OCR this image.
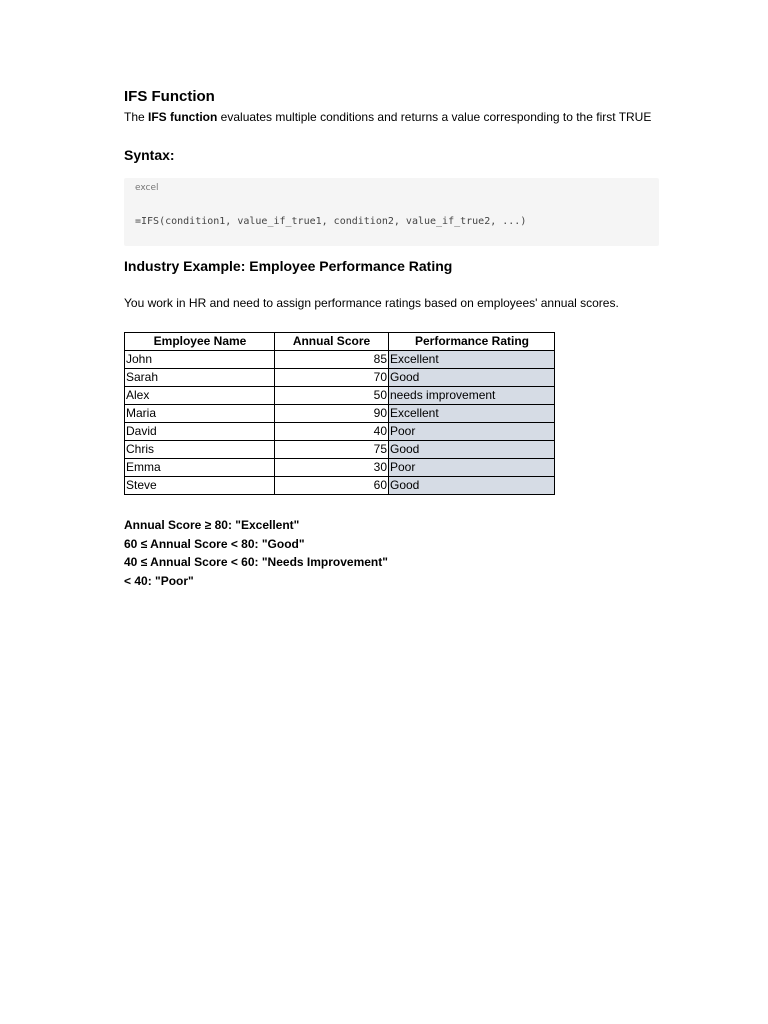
IFS Function

The IFS function evaluates multiple conditions and returns a value corresponding to the first TRUE

Syntax:
excel
=IFS(condition1, value_if_true1, condition2, value_if_true2, ...)
Industry Example: Employee Performance Rating
You work in HR and need to assign performance ratings based on employees' annual scores.
Employee Name	Annual Score	Performance Rating
John	85	Excellent
Sarah	70	Good
Alex	50	needs improvement
Maria	90	Excellent
David	40	Poor
Chris	75	Good
Emma	30	Poor
Steve	60	Good
Annual Score ≥ 80: "Excellent"
60 ≤ Annual Score < 80: "Good"
40 ≤ Annual Score < 60: "Needs Improvement"
< 40: "Poor"
